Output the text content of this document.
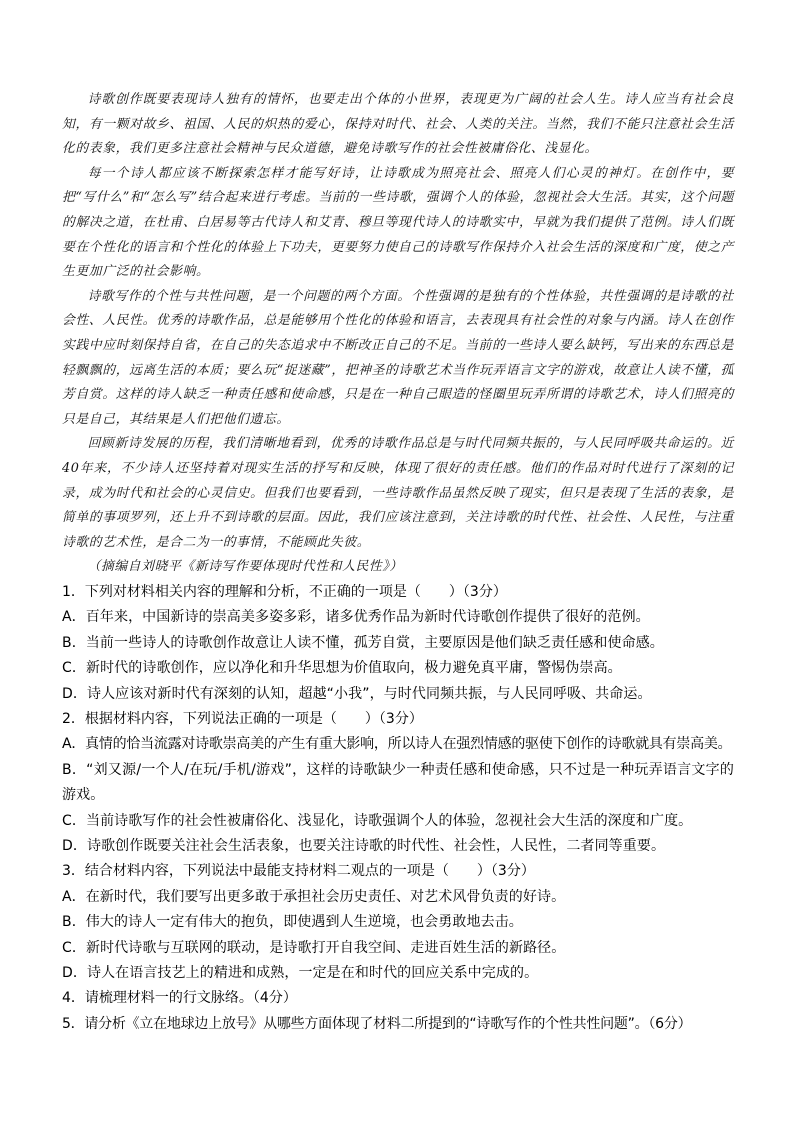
诗歌创作既要表现诗人独有的情怀，也要走出个体的小世界，表现更为广阔的社会人生。诗人应当有社会良知，有一颗对故乡、祖国、人民的炽热的爱心，保持对时代、社会、人类的关注。当然，我们不能只注意社会生活化的表象，我们更多注意社会精神与民众道德，避免诗歌写作的社会性被庸俗化、浅显化。

每一个诗人都应该不断探索怎样才能写好诗，让诗歌成为照亮社会、照亮人们心灵的神灯。在创作中，要把“写什么”和“怎么写”结合起来进行考虑。当前的一些诗歌，强调个人的体验，忽视社会大生活。其实，这个问题的解决之道，在杜甫、白居易等古代诗人和艾青、穆旦等现代诗人的诗歌实中，早就为我们提供了范例。诗人们既要在个性化的语言和个性化的体验上下功夫，更要努力使自己的诗歌写作保持介入社会生活的深度和广度，使之产生更加广泛的社会影响。

诗歌写作的个性与共性问题，是一个问题的两个方面。个性强调的是独有的个性体验，共性强调的是诗歌的社会性、人民性。优秀的诗歌作品，总是能够用个性化的体验和语言，去表现具有社会性的对象与内涵。诗人在创作实践中应时刻保持自省，在自己的失态追求中不断改正自己的不足。当前的一些诗人要么缺钙，写出来的东西总是轻飘飘的，远离生活的本质；要么玩“捉迷藏”，把神圣的诗歌艺术当作玩弄语言文字的游戏，故意让人读不懂，孤芳自赏。这样的诗人缺乏一种责任感和使命感，只是在一种自己眼造的怪圈里玩弄所谓的诗歌艺术，诗人们照亮的只是自己，其结果是人们把他们遗忘。

回顾新诗发展的历程，我们清晰地看到，优秀的诗歌作品总是与时代同频共振的，与人民同呼吸共命运的。近40年来，不少诗人还坚持着对现实生活的抒写和反映，体现了很好的责任感。他们的作品对时代进行了深刻的记录，成为时代和社会的心灵信史。但我们也要看到，一些诗歌作品虽然反映了现实，但只是表现了生活的表象，是简单的事项罗列，还上升不到诗歌的层面。因此，我们应该注意到，关注诗歌的时代性、社会性、人民性，与注重诗歌的艺术性，是合二为一的事情，不能顾此失彼。

（摘编自刘晓平《新诗写作要体现时代性和人民性》）

1．下列对材料相关内容的理解和分析，不正确的一项是（　　）（3分）

A．百年来，中国新诗的崇高美多姿多彩，诸多优秀作品为新时代诗歌创作提供了很好的范例。

B．当前一些诗人的诗歌创作故意让人读不懂，孤芳自赏，主要原因是他们缺乏责任感和使命感。

C．新时代的诗歌创作，应以净化和升华思想为价值取向，极力避免真平庸，警惕伪崇高。

D．诗人应该对新时代有深刻的认知，超越“小我”，与时代同频共振，与人民同呼吸、共命运。

2．根据材料内容，下列说法正确的一项是（　　）（3分）

A．真情的恰当流露对诗歌崇高美的产生有重大影响，所以诗人在强烈情感的驱使下创作的诗歌就具有崇高美。

B．“刘又源/一个人/在玩/手机/游戏”，这样的诗歌缺少一种责任感和使命感，只不过是一种玩弄语言文字的游戏。

C．当前诗歌写作的社会性被庸俗化、浅显化，诗歌强调个人的体验，忽视社会大生活的深度和广度。

D．诗歌创作既要关注社会生活表象，也要关注诗歌的时代性、社会性，人民性，二者同等重要。

3．结合材料内容，下列说法中最能支持材料二观点的一项是（　　）（3分）

A．在新时代，我们要写出更多敢于承担社会历史责任、对艺术风骨负责的好诗。

B．伟大的诗人一定有伟大的抱负，即使遇到人生逆境，也会勇敢地去击。

C．新时代诗歌与互联网的联动，是诗歌打开自我空间、走进百姓生活的新路径。

D．诗人在语言技艺上的精进和成熟，一定是在和时代的回应关系中完成的。

4．请梳理材料一的行文脉络。（4分）

5．请分析《立在地球边上放号》从哪些方面体现了材料二所提到的“诗歌写作的个性共性问题”。（6分）
